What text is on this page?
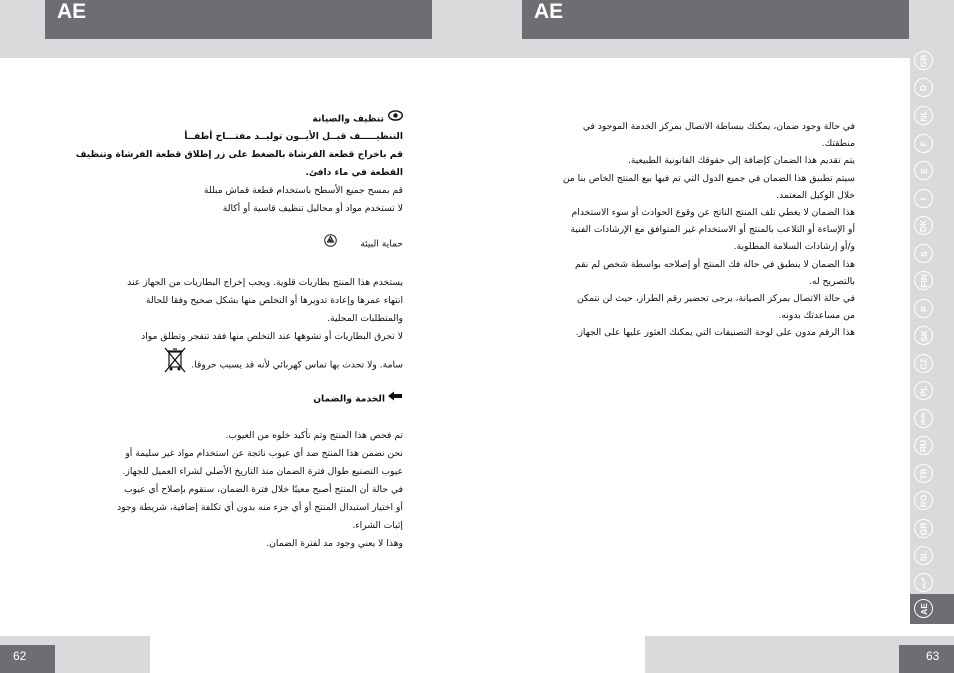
AE	AE
تنظيف والصيانة
التنظيـــــف قبــل الأيــون توليــد مفتـــاح أطفــأ
قم باخراج قطعة الفرشاة بالضغط على زر إطلاق قطعة الفرشاة وتنظيف
القطعة في ماء دافئ.
قم بمسح جميع الأسطح باستخدام قطعة قماش مبللة
لا تستخدم مواد أو محاليل تنظيف قاسية أو أكالة
حماية البيئة
يستخدم هذا المنتج بطاريات قلوية. ويجب إخراج البطاريات من الجهاز عند
انتهاء عمرها وإعادة تدويرها أو التخلص منها بشكل صحيح وفقا للحالة
والمتطلبات المحلية.
لا تحرق البطاريات أو تشوهها عند التخلص منها فقد تنفجر وتطلق مواد
سامة. ولا تحدث بها تماس كهربائي لأنه قد يسبب حروقا.
الخدمة والضمان
تم فحص هذا المنتج وتم تأكيد خلوه من العيوب.
نحن نضمن هذا المنتج ضد أي عيوب ناتجة عن استخدام مواد غير سليمة أو
عيوب التصنيع طوال فترة الضمان منذ التاريخ الأصلي لشراء العميل للجهاز.
في حالة أن المنتج أصبح معيبًا خلال فترة الضمان، سنقوم بإصلاح أي عيوب
أو اختيار استبدال المنتج أو أي جزء منه بدون أي تكلفة إضافية، شريطة وجود
إثبات الشراء.
وهذا لا يعني وجود مد لفترة الضمان.
في حالة وجود ضمان، يمكنك ببساطة الاتصال بمركز الخدمة الموجود في
منطقتك.
يتم تقديم هذا الضمان كإضافة إلى حقوقك القانونية الطبيعية.
سيتم تطبيق هذا الضمان في جميع الدول التي تم فيها بيع المنتج الخاص بنا من
خلال الوكيل المعتمد.
هذا الضمان لا يغطي تلف المنتج الناتج عن وقوع الحوادث أو سوء الاستخدام
أو الإساءة أو التلاعب بالمنتج أو الاستخدام غير المتوافق مع الإرشادات الفنية
و/أو إرشادات السلامة المطلوبة.
هذا الضمان لا ينطبق في حالة فك المنتج أو إصلاحه بواسطة شخص لم نقم
بالتصريح له.
في حالة الاتصال بمركز الصيانة، يرجى تحضير رقم الطراز، حيث لن نتمكن
من مساعدتك بدونه.
هذا الرقم مدون على لوحة التصنيفات التي يمكنك العثور عليها على الجهاز.
GB
D
NL
F
E
I
DK
S
FIN
P
SK
CZ
PL
HUN
RU
TR
RO
GR
SL
عربي
AE
62	63
